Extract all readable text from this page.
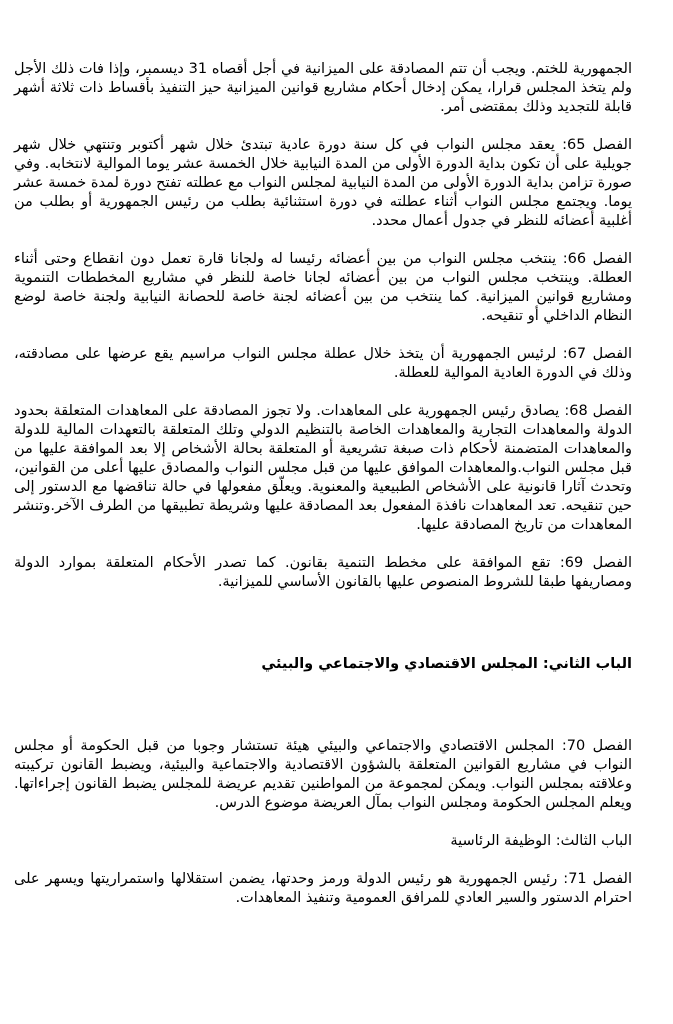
الجمهورية للختم. ويجب أن تتم المصادقة على الميزانية في أجل أقصاه 31 ديسمبر، وإذا فات ذلك الأجل ولم يتخذ المجلس قرارا، يمكن إدخال أحكام مشاريع قوانين الميزانية حيز التنفيذ بأقساط ذات ثلاثة أشهر قابلة للتجديد وذلك بمقتضى أمر.

الفصل 65: يعقد مجلس النواب في كل سنة دورة عادية تبتدئ خلال شهر أكتوبر وتنتهي خلال شهر جويلية على أن تكون بداية الدورة الأولى من المدة النيابية خلال الخمسة عشر يوما الموالية لانتخابه. وفي صورة تزامن بداية الدورة الأولى من المدة النيابية لمجلس النواب مع عطلته تفتح دورة لمدة خمسة عشر يوما. ويجتمع مجلس النواب أثناء عطلته في دورة استثنائية بطلب من رئيس الجمهورية أو بطلب من أغلبية أعضائه للنظر في جدول أعمال محدد.

الفصل 66: ينتخب مجلس النواب من بين أعضائه رئيسا له ولجانا قارة تعمل دون انقطاع وحتى أثناء العطلة. وينتخب مجلس النواب من بين أعضائه لجانا خاصة للنظر في مشاريع المخططات التنموية ومشاريع قوانين الميزانية. كما ينتخب من بين أعضائه لجنة خاصة للحصانة النيابية ولجنة خاصة لوضع النظام الداخلي أو تنقيحه.

الفصل 67: لرئيس الجمهورية أن يتخذ خلال عطلة مجلس النواب مراسيم يقع عرضها على مصادقته، وذلك في الدورة العادية الموالية للعطلة.

الفصل 68: يصادق رئيس الجمهورية على المعاهدات. ولا تجوز المصادقة على المعاهدات المتعلقة بحدود الدولة والمعاهدات التجارية والمعاهدات الخاصة بالتنظيم الدولي وتلك المتعلقة بالتعهدات المالية للدولة والمعاهدات المتضمنة لأحكام ذات صبغة تشريعية أو المتعلقة بحالة الأشخاص إلا بعد الموافقة عليها من قبل مجلس النواب.والمعاهدات الموافق عليها من قبل مجلس النواب والمصادق عليها أعلى من القوانين، وتحدث آثارا قانونية على الأشخاص الطبيعية والمعنوية. ويعلّق مفعولها في حالة تناقضها مع الدستور إلى حين تنقيحه. تعد المعاهدات نافذة المفعول بعد المصادقة عليها وشريطة تطبيقها من الطرف الآخر.وتنشر المعاهدات من تاريخ المصادقة عليها.

الفصل 69: تقع الموافقة على مخطط التنمية بقانون. كما تصدر الأحكام المتعلقة بموارد الدولة ومصاريفها طبقا للشروط المنصوص عليها بالقانون الأساسي للميزانية.

الباب الثاني: المجلس الاقتصادي والاجتماعي والبيئي

الفصل 70: المجلس الاقتصادي والاجتماعي والبيئي هيئة تستشار وجوبا من قبل الحكومة أو مجلس النواب في مشاريع القوانين المتعلقة بالشؤون الاقتصادية والاجتماعية والبيئية، ويضبط القانون تركيبته وعلاقته بمجلس النواب. ويمكن لمجموعة من المواطنين تقديم عريضة للمجلس يضبط القانون إجراءاتها. ويعلم المجلس الحكومة ومجلس النواب بمآل العريضة موضوع الدرس.

الباب الثالث: الوظيفة الرئاسية

الفصل 71: رئيس الجمهورية هو رئيس الدولة ورمز وحدتها، يضمن استقلالها واستمراريتها ويسهر على احترام الدستور والسير العادي للمرافق العمومية وتنفيذ المعاهدات.
